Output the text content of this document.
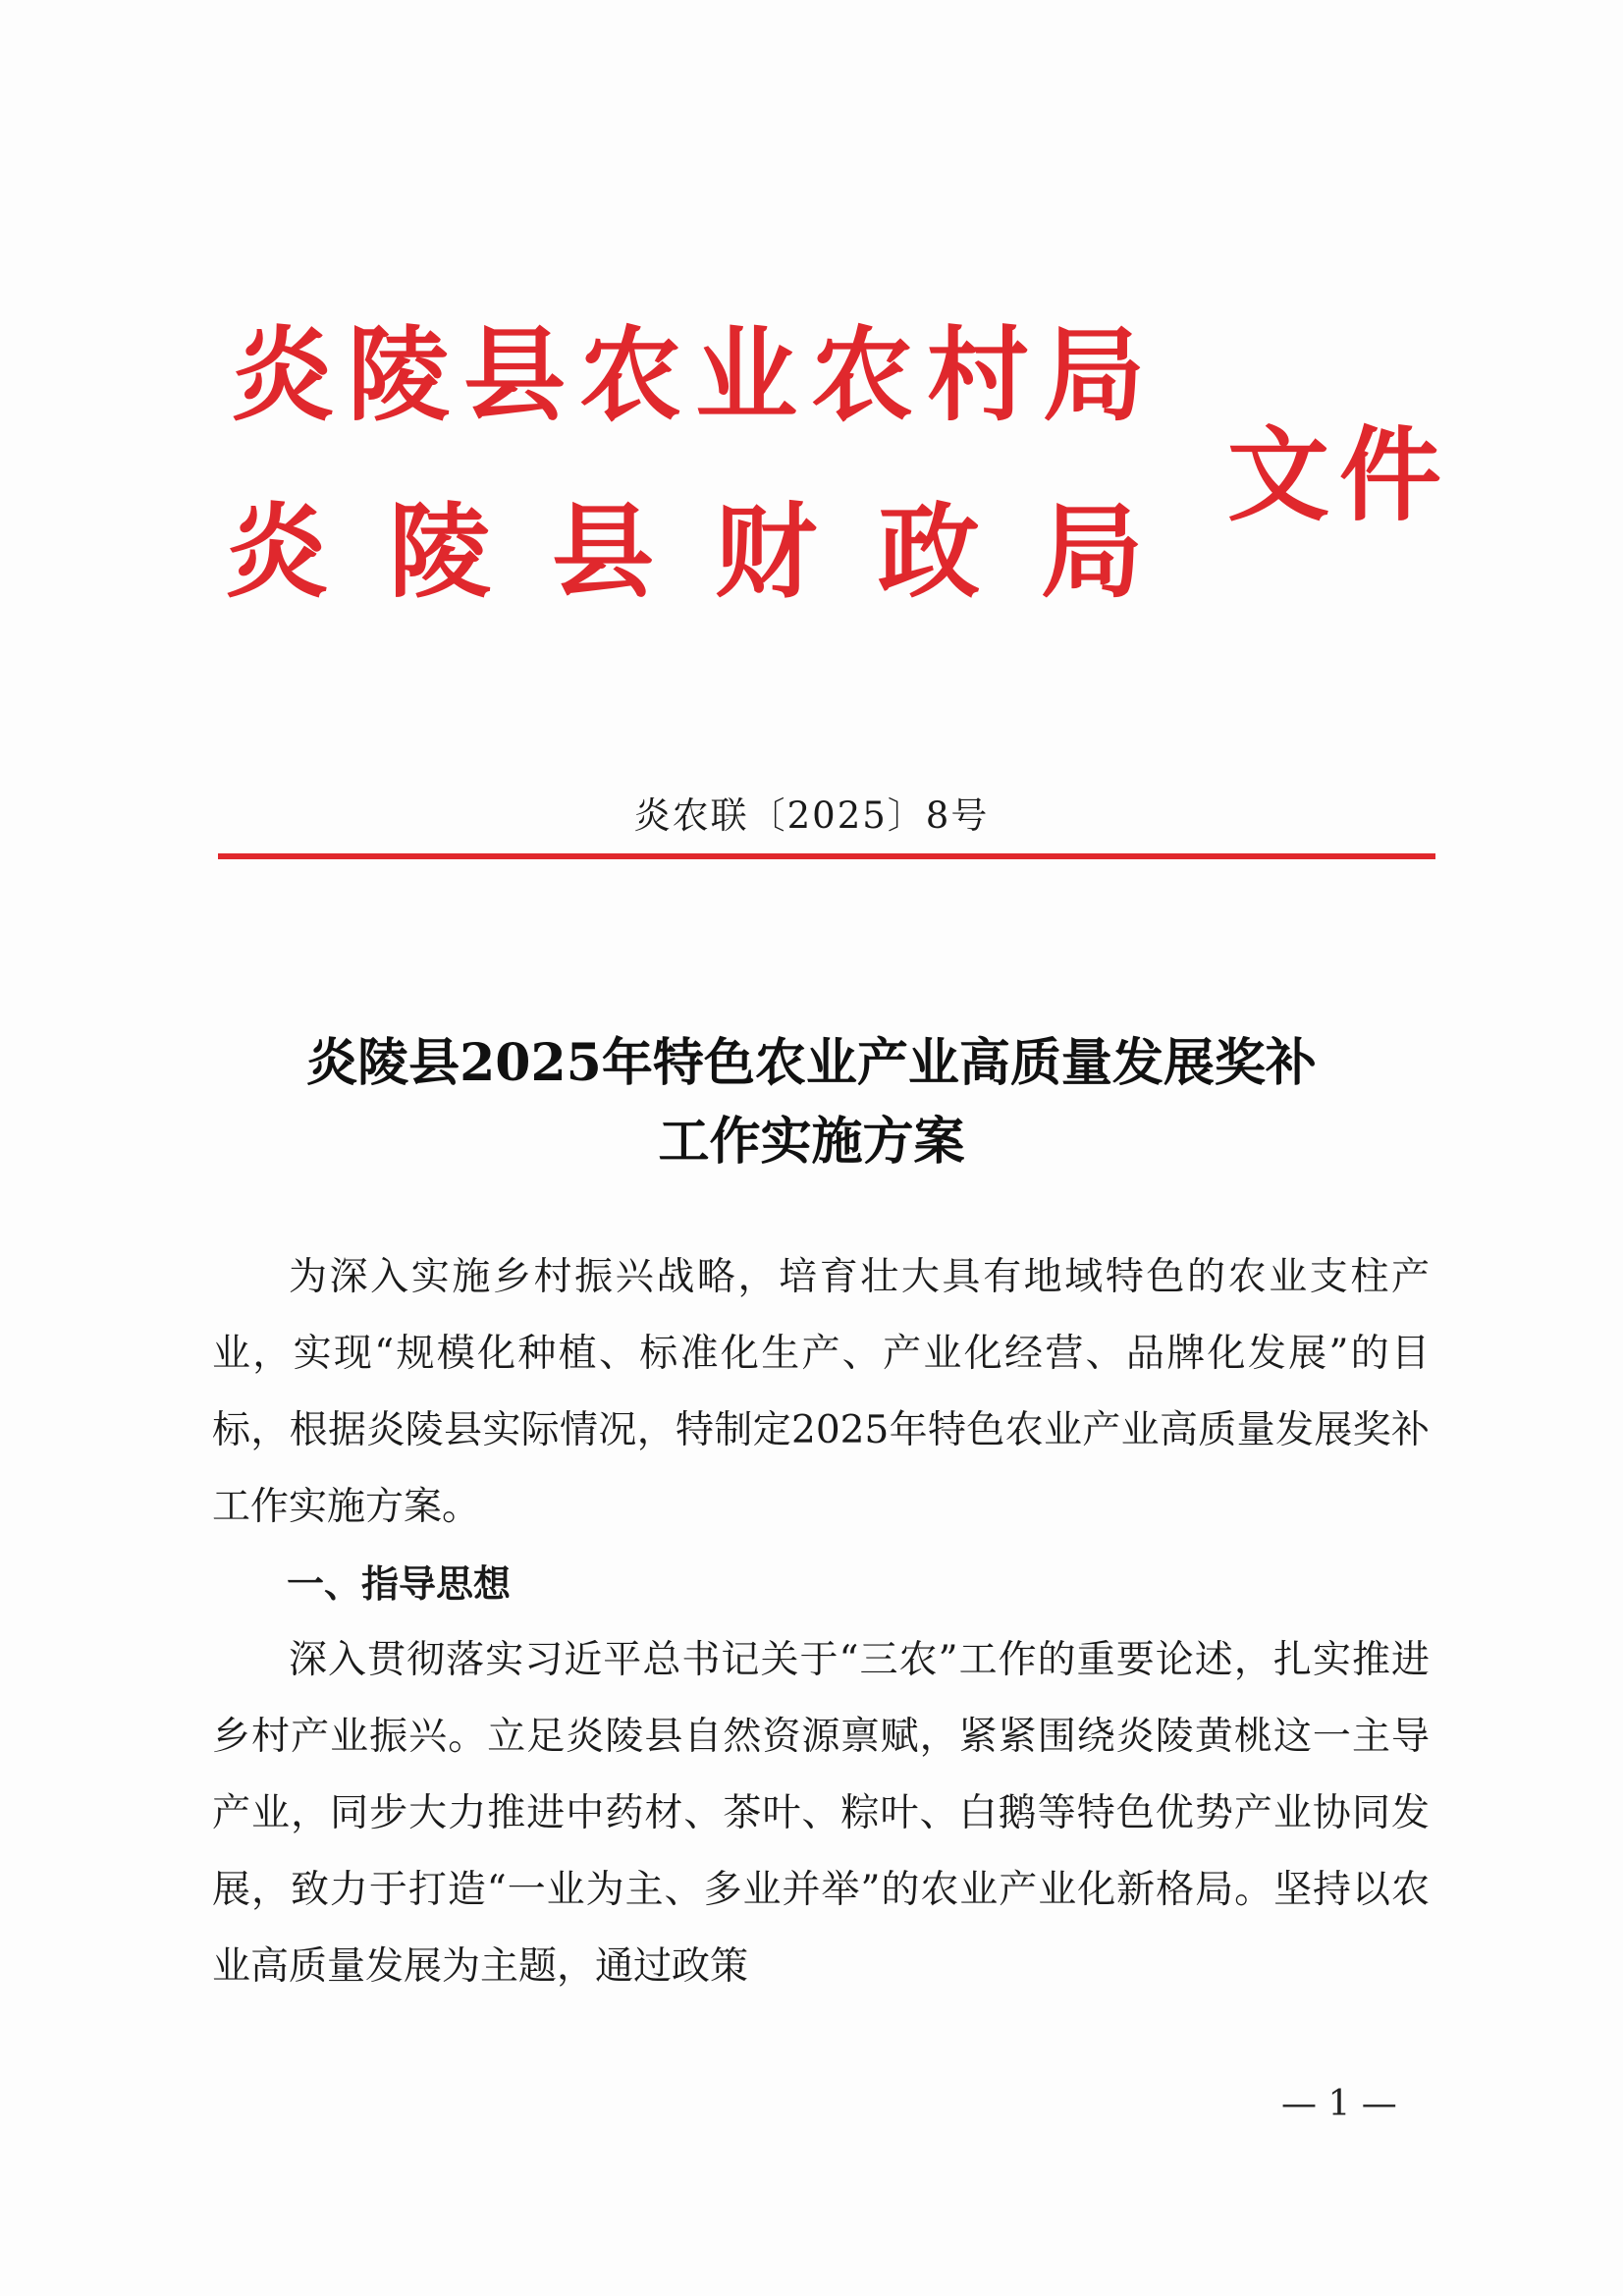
炎陵县农业农村局
炎陵县财政局
文件
炎农联〔2025〕8号
炎陵县2025年特色农业产业高质量发展奖补
工作实施方案

为深入实施乡村振兴战略，培育壮大具有地域特色的农业支柱产业，实现“规模化种植、标准化生产、产业化经营、品牌化发展”的目标，根据炎陵县实际情况，特制定2025年特色农业产业高质量发展奖补工作实施方案。

一、指导思想

深入贯彻落实习近平总书记关于“三农”工作的重要论述，扎实推进乡村产业振兴。立足炎陵县自然资源禀赋，紧紧围绕炎陵黄桃这一主导产业，同步大力推进中药材、茶叶、粽叶、白鹅等特色优势产业协同发展，致力于打造“一业为主、多业并举”的农业产业化新格局。坚持以农业高质量发展为主题，通过政策

— 1 —
